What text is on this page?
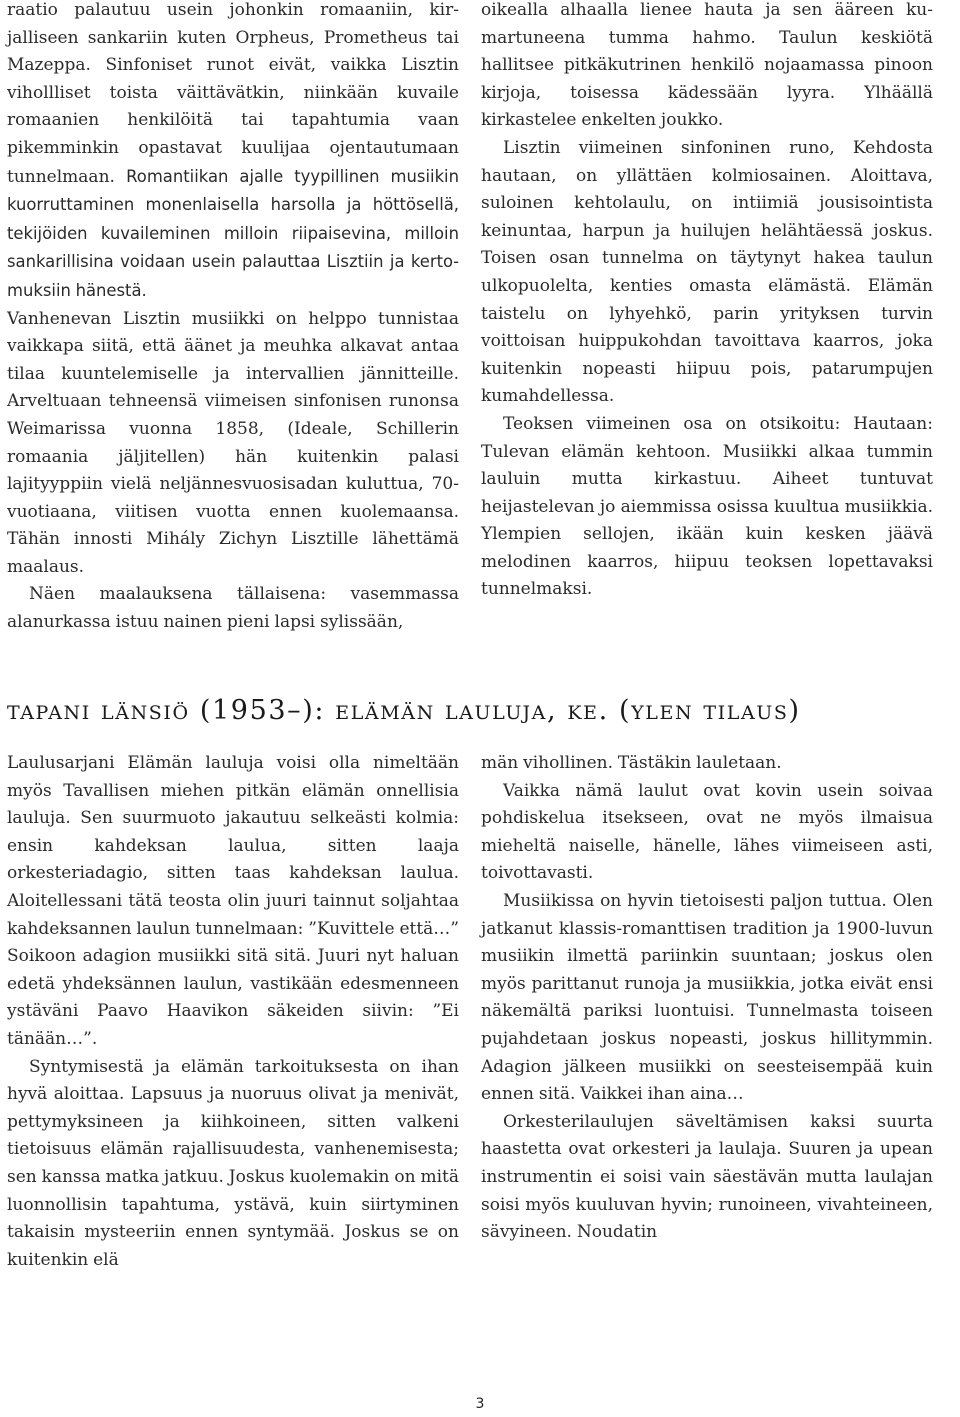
raatio palautuu usein johonkin romaaniin, kirjalliseen sankariin kuten Orpheus, Prometheus tai Mazeppa. Sinfoniset runot eivät, vaikka Lisztin vihollliset toista väittävätkin, niinkään kuvaile romaanien henkilöitä tai tapahtumia vaan pikemminkin opastavat kuulijaa ojentautumaan tunnelmaan. Romantiikan ajalle tyypillinen musiikin kuorruttaminen monenlaisella harsolla ja höttösellä, tekijöiden kuvaileminen milloin riipaisevina, milloin sankarillisina voidaan usein palauttaa Lisztiin ja kertomuksiin hänestä.

Vanhenevan Lisztin musiikki on helppo tunnistaa vaikkapa siitä, että äänet ja meuhka alkavat antaa tilaa kuuntelemiselle ja intervallien jännitteille. Arveltuaan tehneensä viimeisen sinfonisen runonsa Weimarissa vuonna 1858, (Ideale, Schillerin romaania jäljitellen) hän kuitenkin palasi lajityyppiin vielä neljännesvuosisadan kuluttua, 70-vuotiaana, viitisen vuotta ennen kuolemaansa. Tähän innosti Mihály Zichyn Lisztille lähettämä maalaus.

Näen maalauksena tällaisena: vasemmassa alanurkassa istuu nainen pieni lapsi sylissään,

oikealla alhaalla lienee hauta ja sen ääreen kumartuneena tumma hahmo. Taulun keskiötä hallitsee pitkäkutrinen henkilö nojaamassa pinoon kirjoja, toisessa kädessään lyyra. Ylhäällä kirkastelee enkelten joukko.

Lisztin viimeinen sinfoninen runo, Kehdosta hautaan, on yllättäen kolmiosainen. Aloittava, suloinen kehtolaulu, on intiimiä jousisointista keinuntaa, harpun ja huilujen helähtäessä joskus. Toisen osan tunnelma on täytynyt hakea taulun ulkopuolelta, kenties omasta elämästä. Elämän taistelu on lyhyehkö, parin yrityksen turvin voittoisan huippukohdan tavoittava kaarros, joka kuitenkin nopeasti hiipuu pois, patarumpujen kumahdellessa.

Teoksen viimeinen osa on otsikoitu: Hautaan: Tulevan elämän kehtoon. Musiikki alkaa tummin lauluin mutta kirkastuu. Aiheet tuntuvat heijastelevan jo aiemmissa osissa kuultua musiikkia. Ylempien sellojen, ikään kuin kesken jäävä melodinen kaarros, hiipuu teoksen lopettavaksi tunnelmaksi.

tapani länsiö (1953–): elämän lauluja, ke. (ylen tilaus)

Laulusarjani Elämän lauluja voisi olla nimeltään myös Tavallisen miehen pitkän elämän onnellisia lauluja. Sen suurmuoto jakautuu selkeästi kolmia: ensin kahdeksan laulua, sitten laaja orkesteriadagio, sitten taas kahdeksan laulua. Aloitellessani tätä teosta olin juuri tainnut soljahtaa kahdeksannen laulun tunnelmaan: ”Kuvittele että…” Soikoon adagion musiikki sitä sitä. Juuri nyt haluan edetä yhdeksännen laulun, vastikään edesmenneen ystäväni Paavo Haavikon säkeiden siivin: ”Ei tänään…”.

Syntymisestä ja elämän tarkoituksesta on ihan hyvä aloittaa. Lapsuus ja nuoruus olivat ja menivät, pettymyksineen ja kiihkoineen, sitten valkeni tietoisuus elämän rajallisuudesta, vanhenemisesta; sen kanssa matka jatkuu. Joskus kuolemakin on mitä luonnollisin tapahtuma, ystävä, kuin siirtyminen takaisin mysteeriin ennen syntymää. Joskus se on kuitenkin elä

män vihollinen. Tästäkin lauletaan.

Vaikka nämä laulut ovat kovin usein soivaa pohdiskelua itsekseen, ovat ne myös ilmaisua mieheltä naiselle, hänelle, lähes viimeiseen asti, toivottavasti.

Musiikissa on hyvin tietoisesti paljon tuttua. Olen jatkanut klassis-romanttisen tradition ja 1900-luvun musiikin ilmettä pariinkin suuntaan; joskus olen myös parittanut runoja ja musiikkia, jotka eivät ensi näkemältä pariksi luontuisi. Tunnelmasta toiseen pujahdetaan joskus nopeasti, joskus hillitymmin. Adagion jälkeen musiikki on seesteisempää kuin ennen sitä. Vaikkei ihan aina…

Orkesterilaulujen säveltämisen kaksi suurta haastetta ovat orkesteri ja laulaja. Suuren ja upean instrumentin ei soisi vain säestävän mutta laulajan soisi myös kuuluvan hyvin; runoineen, vivahteineen, sävyineen. Noudatin

3
